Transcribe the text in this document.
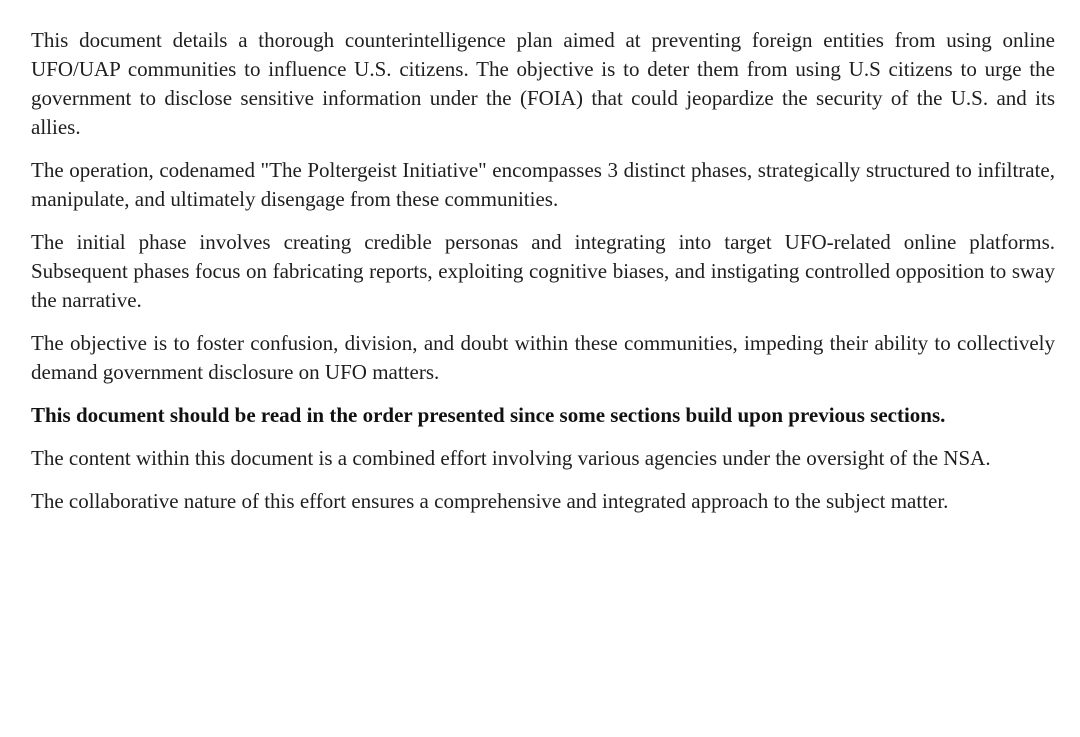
This document details a thorough counterintelligence plan aimed at preventing foreign entities from using online UFO/UAP communities to influence U.S. citizens. The objective is to deter them from using U.S citizens to urge the government to disclose sensitive information under the (FOIA) that could jeopardize the security of the U.S. and its allies.

The operation, codenamed "The Poltergeist Initiative" encompasses 3 distinct phases, strategically structured to infiltrate, manipulate, and ultimately disengage from these communities.

The initial phase involves creating credible personas and integrating into target UFO-related online platforms. Subsequent phases focus on fabricating reports, exploiting cognitive biases, and instigating controlled opposition to sway the narrative.

The objective is to foster confusion, division, and doubt within these communities, impeding their ability to collectively demand government disclosure on UFO matters.

This document should be read in the order presented since some sections build upon previous sections.

The content within this document is a combined effort involving various agencies under the oversight of the NSA.

The collaborative nature of this effort ensures a comprehensive and integrated approach to the subject matter.
